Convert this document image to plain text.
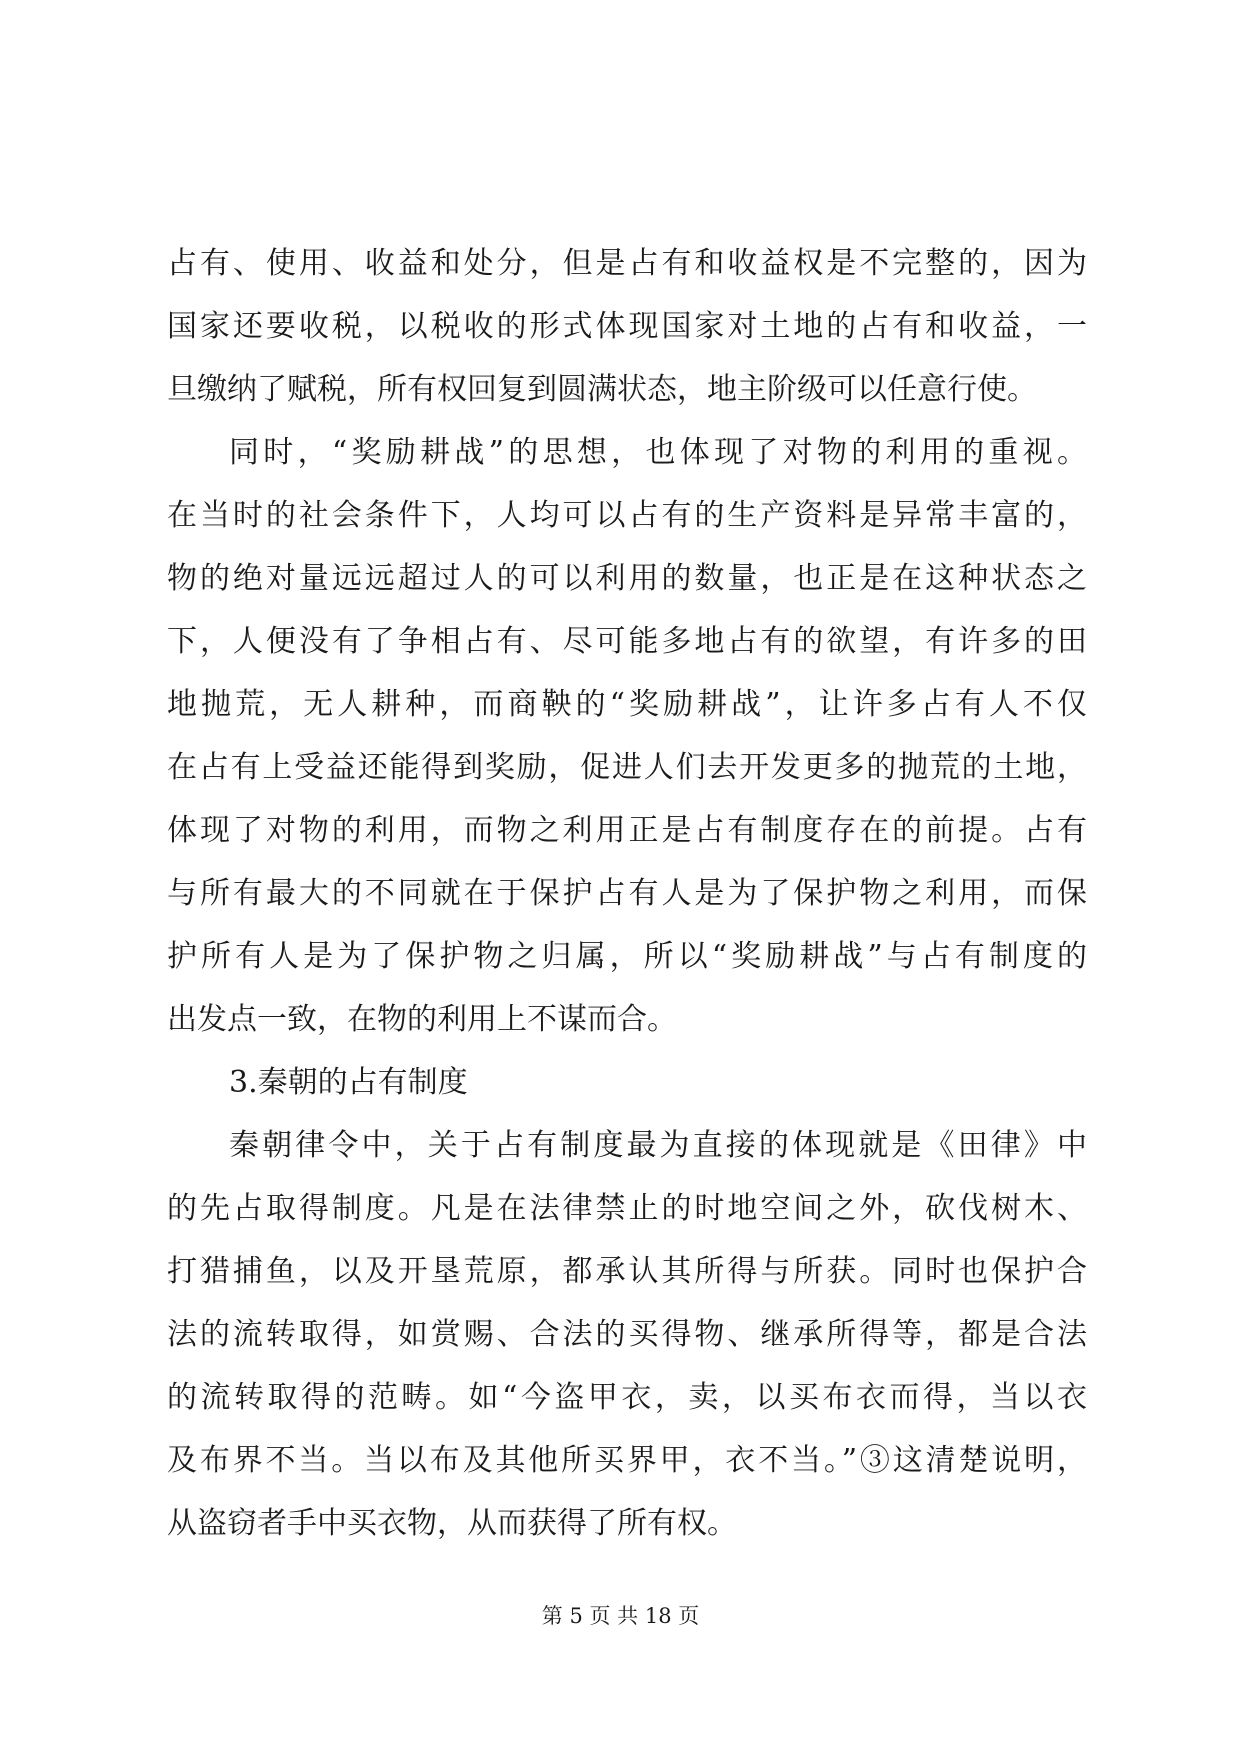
占有、使用、收益和处分，但是占有和收益权是不完整的，因为
国家还要收税，以税收的形式体现国家对土地的占有和收益，一
旦缴纳了赋税，所有权回复到圆满状态，地主阶级可以任意行使。
同时，“奖励耕战”的思想，也体现了对物的利用的重视。
在当时的社会条件下，人均可以占有的生产资料是异常丰富的，
物的绝对量远远超过人的可以利用的数量，也正是在这种状态之
下，人便没有了争相占有、尽可能多地占有的欲望，有许多的田
地抛荒，无人耕种，而商鞅的“奖励耕战”，让许多占有人不仅
在占有上受益还能得到奖励，促进人们去开发更多的抛荒的土地，
体现了对物的利用，而物之利用正是占有制度存在的前提。占有
与所有最大的不同就在于保护占有人是为了保护物之利用，而保
护所有人是为了保护物之归属，所以“奖励耕战”与占有制度的
出发点一致，在物的利用上不谋而合。
3.秦朝的占有制度
秦朝律令中，关于占有制度最为直接的体现就是《田律》中
的先占取得制度。凡是在法律禁止的时地空间之外，砍伐树木、
打猎捕鱼，以及开垦荒原，都承认其所得与所获。同时也保护合
法的流转取得，如赏赐、合法的买得物、继承所得等，都是合法
的流转取得的范畴。如“今盗甲衣，卖，以买布衣而得，当以衣
及布界不当。当以布及其他所买界甲，衣不当。”③这清楚说明，
从盗窃者手中买衣物，从而获得了所有权。
第 5 页 共 18 页
